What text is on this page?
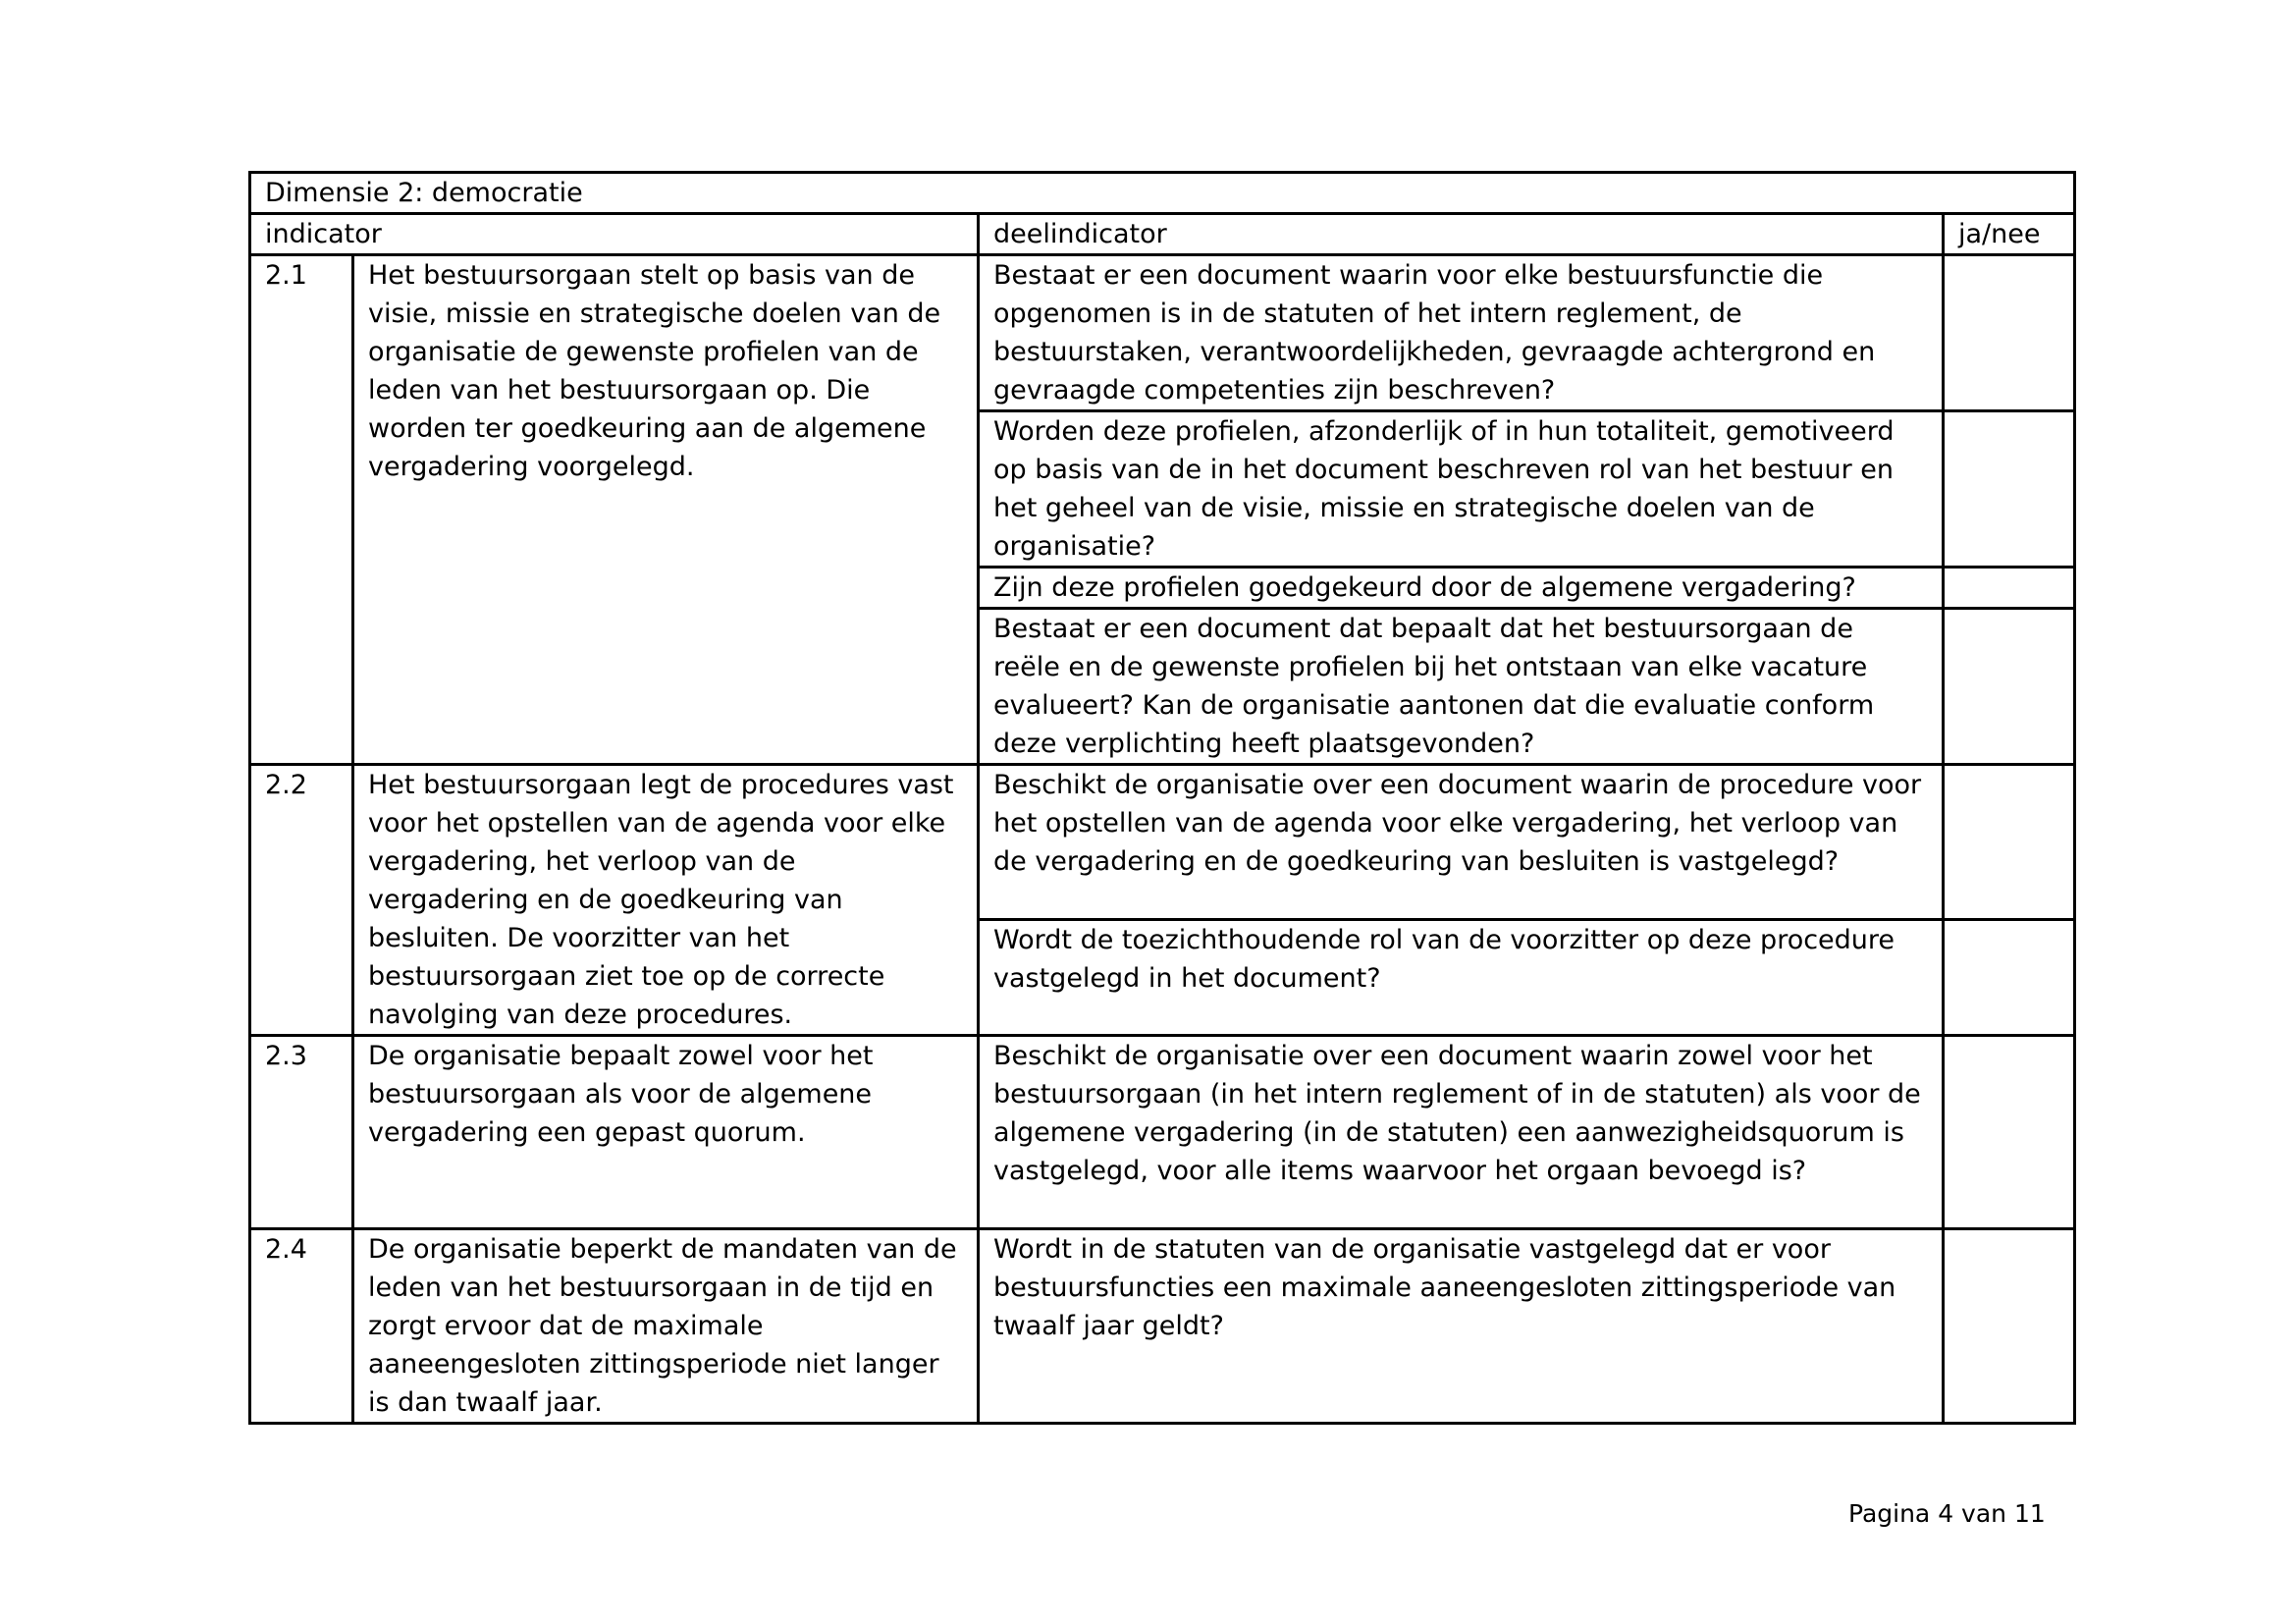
Dimensie 2: democratie			
indicator		deelindicator	ja/nee
2.1	Het bestuursorgaan stelt op basis van de visie, missie en strategische doelen van de organisatie de gewenste profielen van de leden van het bestuursorgaan op. Die worden ter goedkeuring aan de algemene vergadering voorgelegd.	Bestaat er een document waarin voor elke bestuursfunctie die opgenomen is in de statuten of het intern reglement, de bestuurstaken, verantwoordelijkheden, gevraagde achtergrond en gevraagde competenties zijn beschreven?	
		Worden deze profielen, afzonderlijk of in hun totaliteit, gemotiveerd op basis van de in het document beschreven rol van het bestuur en het geheel van de visie, missie en strategische doelen van de organisatie?	
		Zijn deze profielen goedgekeurd door de algemene vergadering?	
		Bestaat er een document dat bepaalt dat het bestuursorgaan de reële en de gewenste profielen bij het ontstaan van elke vacature evalueert? Kan de organisatie aantonen dat die evaluatie conform deze verplichting heeft plaatsgevonden?	
2.2	Het bestuursorgaan legt de procedures vast voor het opstellen van de agenda voor elke vergadering, het verloop van de vergadering en de goedkeuring van besluiten. De voorzitter van het bestuursorgaan ziet toe op de correcte navolging van deze procedures.	Beschikt de organisatie over een document waarin de procedure voor het opstellen van de agenda voor elke vergadering, het verloop van de vergadering en de goedkeuring van besluiten is vastgelegd?	
		Wordt de toezichthoudende rol van de voorzitter op deze procedure vastgelegd in het document?	
2.3	De organisatie bepaalt zowel voor het bestuursorgaan als voor de algemene vergadering een gepast quorum.	Beschikt de organisatie over een document waarin zowel voor het bestuursorgaan (in het intern reglement of in de statuten) als voor de algemene vergadering (in de statuten) een aanwezigheidsquorum is vastgelegd, voor alle items waarvoor het orgaan bevoegd is?	
2.4	De organisatie beperkt de mandaten van de leden van het bestuursorgaan in de tijd en zorgt ervoor dat de maximale aaneengesloten zittingsperiode niet langer is dan twaalf jaar.	Wordt in de statuten van de organisatie vastgelegd dat er voor bestuursfuncties een maximale aaneengesloten zittingsperiode van twaalf jaar geldt?	
Pagina 4 van 11
